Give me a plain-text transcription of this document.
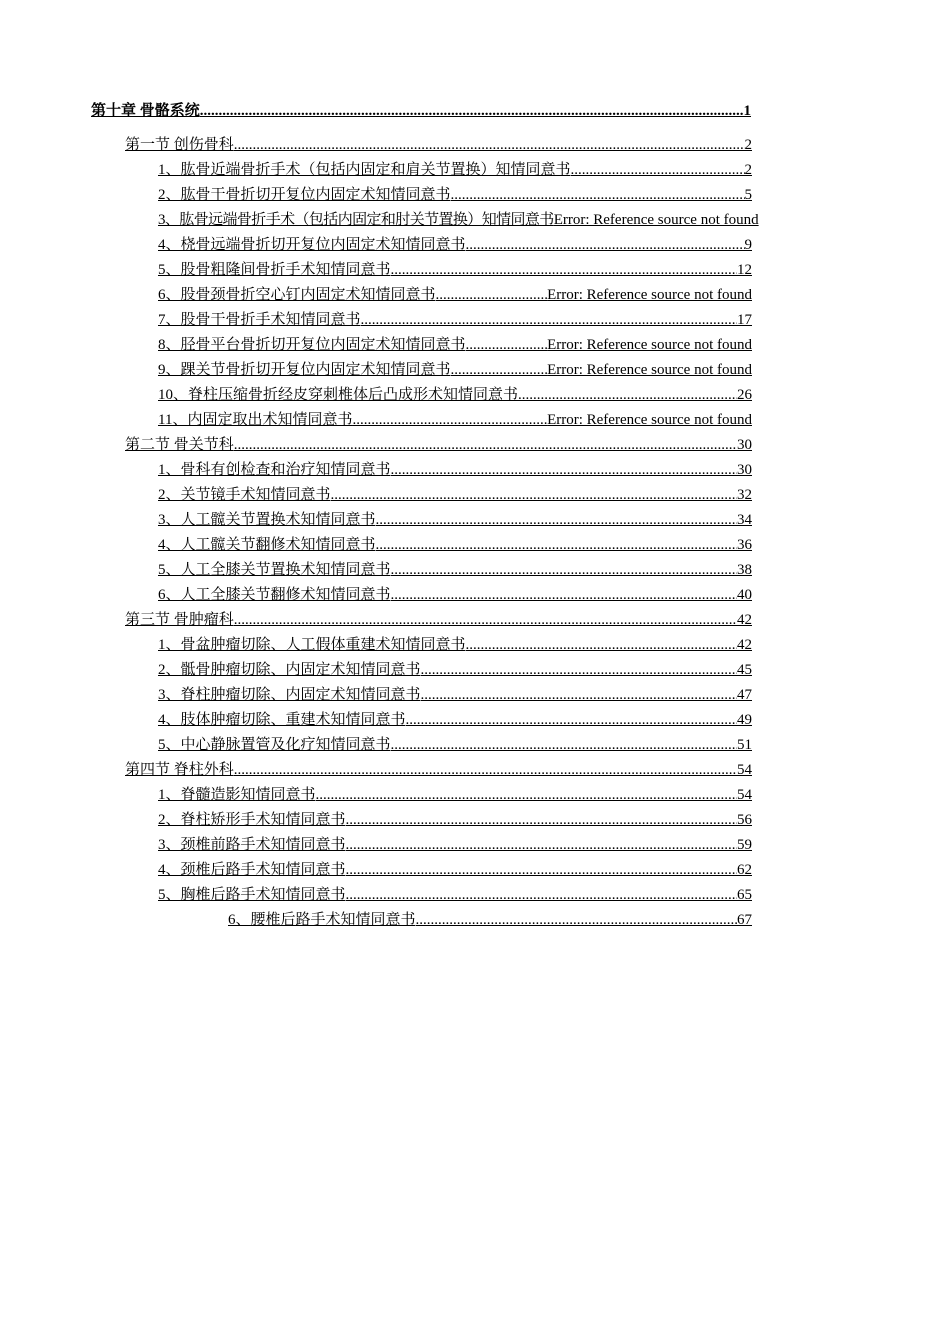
第十章 骨骼系统 .....	1
第一节 创伤骨科 .....	2
1、肱骨近端骨折手术（包括内固定和肩关节置换）知情同意书 .....	2
2、肱骨干骨折切开复位内固定术知情同意书 .....	5
3、肱骨远端骨折手术（包括内固定和肘关节置换）知情同意书 Error: Reference source not found
4、桡骨远端骨折切开复位内固定术知情同意书 .....	9
5、股骨粗隆间骨折手术知情同意书 .....	12
6、股骨颈骨折空心钉内固定术知情同意书 .....	Error: Reference source not found
7、股骨干骨折手术知情同意书 .....	17
8、胫骨平台骨折切开复位内固定术知情同意书 .....	Error: Reference source not found
9、踝关节骨折切开复位内固定术知情同意书 .....	Error: Reference source not found
10、脊柱压缩骨折经皮穿刺椎体后凸成形术知情同意书 .....	26
11、内固定取出术知情同意书 .....	Error: Reference source not found
第二节 骨关节科 .....	30
1、骨科有创检查和治疗知情同意书 .....	30
2、关节镜手术知情同意书 .....	32
3、人工髋关节置换术知情同意书 .....	34
4、人工髋关节翻修术知情同意书 .....	36
5、人工全膝关节置换术知情同意书 .....	38
6、人工全膝关节翻修术知情同意书 .....	40
第三节 骨肿瘤科 .....	42
1、骨盆肿瘤切除、人工假体重建术知情同意书 .....	42
2、骶骨肿瘤切除、内固定术知情同意书 .....	45
3、脊柱肿瘤切除、内固定术知情同意书 .....	47
4、肢体肿瘤切除、重建术知情同意书 .....	49
5、中心静脉置管及化疗知情同意书 .....	51
第四节 脊柱外科 .....	54
1、脊髓造影知情同意书 .....	54
2、脊柱矫形手术知情同意书 .....	56
3、颈椎前路手术知情同意书 .....	59
4、颈椎后路手术知情同意书 .....	62
5、胸椎后路手术知情同意书 .....	65
6、腰椎后路手术知情同意书 .....	67
